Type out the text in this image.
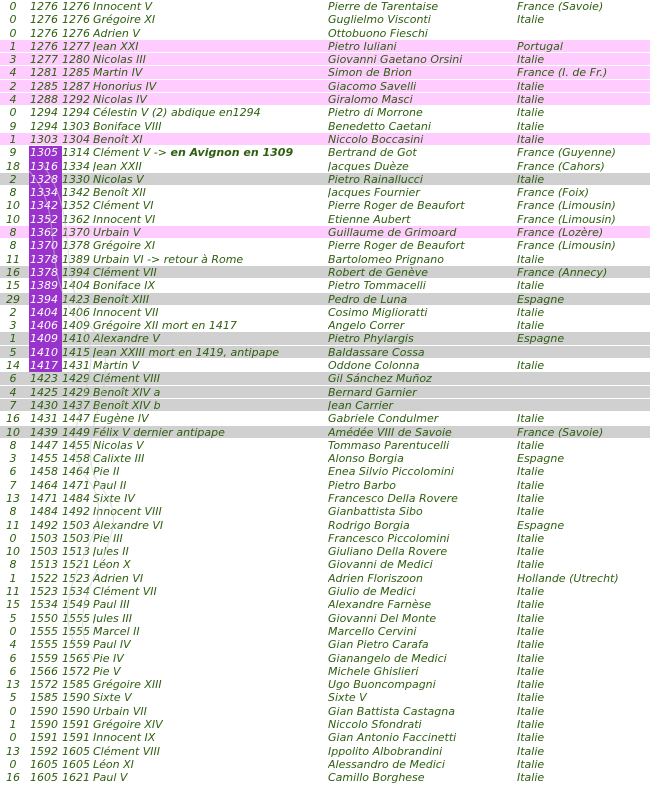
0	1276 1276 Innocent V	Pierre de Tarentaise	France (Savoie)
0	1276 1276 Grégoire XI	Guglielmo Visconti	Italie
0	1276 1276 Adrien V	Ottobuono Fieschi
1	1276 1277 Jean XXI	Pietro Iuliani	Portugal
3	1277 1280 Nicolas III	Giovanni Gaetano Orsini	Italie
4	1281 1285 Martin IV	Simon de Brion	France (I. de Fr.)
2	1285 1287 Honorius IV	Giacomo Savelli	Italie
4	1288 1292 Nicolas IV	Giralomo Masci	Italie
0	1294 1294 Célestin V (2) abdique en1294	Pietro di Morrone	Italie
9	1294 1303 Boniface VIII	Benedetto Caetani	Italie
1	1303 1304 Benoît XI	Niccolo Boccasini	Italie
9	1305 1314 Clément V -> en Avignon en 1309	Bertrand de Got	France (Guyenne)
18 1316 1334 Jean XXII	Jacques Duèze	France (Cahors)
2	1328 1330 Nicolas V	Pietro Rainallucci	Italie
8	1334 1342 Benoît XII	Jacques Fournier	France (Foix)
10 1342 1352 Clément VI	Pierre Roger de Beaufort	France (Limousin)
10 1352 1362 Innocent VI	Etienne Aubert	France (Limousin)
8	1362 1370 Urbain V	Guillaume de Grimoard	France (Lozère)
8	1370 1378 Grégoire XI	Pierre Roger de Beaufort	France (Limousin)
11 1378 1389 Urbain VI -> retour à Rome	Bartolomeo Prignano	Italie
16 1378 1394 Clément VII	Robert de Genève	France (Annecy)
15 1389 1404 Boniface IX	Pietro Tommacelli	Italie
29 1394 1423 Benoît XIII	Pedro de Luna	Espagne
2	1404 1406 Innocent VII	Cosimo Miglioratti	Italie
3	1406 1409 Grégoire XII mort en 1417	Angelo Correr	Italie
1	1409 1410 Alexandre V	Pietro Phylargis	Espagne
5	1410 1415 Jean XXIII mort en 1419, antipape	Baldassare Cossa
14 1417 1431 Martin V	Oddone Colonna	Italie
6	1423 1429 Clément VIII	Gil Sánchez Muñoz
4	1425 1429 Benoît XIV a	Bernard Garnier
7	1430 1437 Benoît XIV b	Jean Carrier
16 1431 1447 Eugène IV	Gabriele Condulmer	Italie
10 1439 1449 Félix V dernier antipape	Amédée VIII de Savoie	France (Savoie)
8	1447 1455 Nicolas V	Tommaso Parentucelli	Italie
3	1455 1458 Calixte III	Alonso Borgia	Espagne
6	1458 1464 Pie II	Enea Silvio Piccolomini	Italie
7	1464 1471 Paul II	Pietro Barbo	Italie
13 1471 1484 Sixte IV	Francesco Della Rovere	Italie
8	1484 1492 Innocent VIII	Gianbattista Sibo	Italie
11 1492 1503 Alexandre VI	Rodrigo Borgia	Espagne
0	1503 1503 Pie III	Francesco Piccolomini	Italie
10 1503 1513 Jules II	Giuliano Della Rovere	Italie
8	1513 1521 Léon X	Giovanni de Medici	Italie
1	1522 1523 Adrien VI	Adrien Floriszoon	Hollande (Utrecht)
11 1523 1534 Clément VII	Giulio de Medici	Italie
15 1534 1549 Paul III	Alexandre Farnèse	Italie
5	1550 1555 Jules III	Giovanni Del Monte	Italie
0	1555 1555 Marcel II	Marcello Cervini	Italie
4	1555 1559 Paul IV	Gian Pietro Carafa	Italie
6	1559 1565 Pie IV	Gianangelo de Medici	Italie
6	1566 1572 Pie V	Michele Ghislieri	Italie
13 1572 1585 Grégoire XIII	Ugo Buoncompagni	Italie
5	1585 1590 Sixte V	Sixte V	Italie
0	1590 1590 Urbain VII	Gian Battista Castagna	Italie
1	1590 1591 Grégoire XIV	Niccolo Sfondrati	Italie
0	1591 1591 Innocent IX	Gian Antonio Faccinetti	Italie
13 1592 1605 Clément VIII	Ippolito Albobrandini	Italie
0	1605 1605 Léon XI	Alessandro de Medici	Italie
16 1605 1621 Paul V	Camillo Borghese	Italie
